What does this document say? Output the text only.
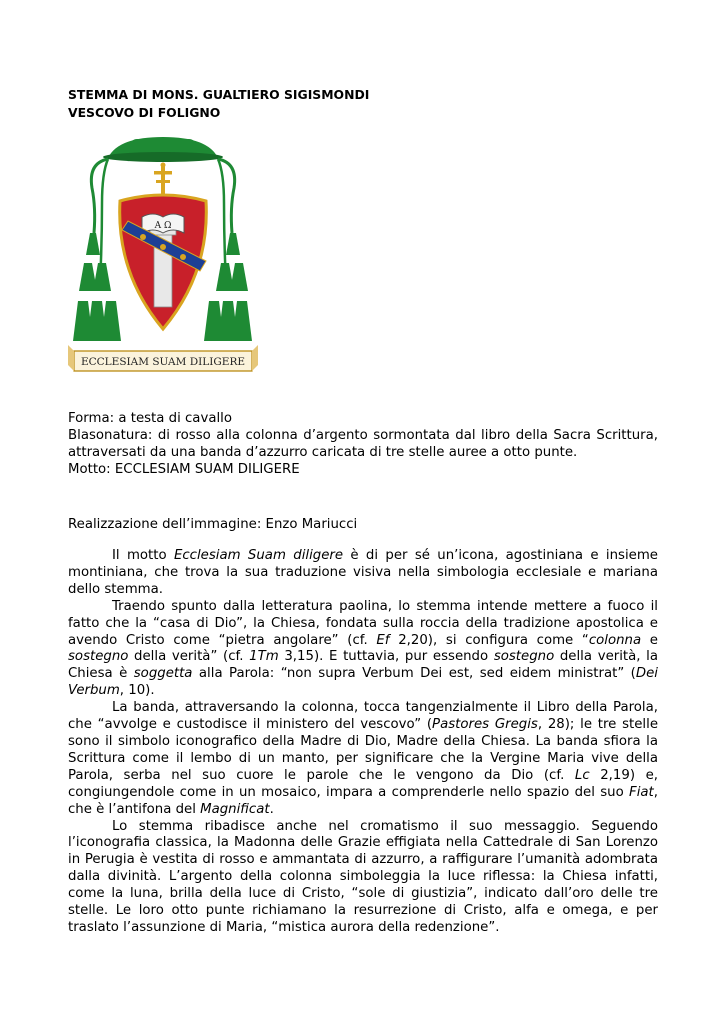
STEMMA DI MONS. GUALTIERO SIGISMONDI
VESCOVO DI FOLIGNO
A Ω
ECCLESIAM SUAM DILIGERE

Forma: a testa di cavallo

Blasonatura: di rosso alla colonna d’argento sormontata dal libro della Sacra Scrittura, attraversati da una banda d’azzurro caricata di tre stelle auree a otto punte.

Motto: ECCLESIAM SUAM DILIGERE

Realizzazione dell’immagine: Enzo Mariucci

Il motto Ecclesiam Suam diligere è di per sé un’icona, agostiniana e insieme montiniana, che trova la sua traduzione visiva nella simbologia ecclesiale e mariana dello stemma.

Traendo spunto dalla letteratura paolina, lo stemma intende mettere a fuoco il fatto che la “casa di Dio”, la Chiesa, fondata sulla roccia della tradizione apostolica e avendo Cristo come “pietra angolare” (cf. Ef 2,20), si configura come “colonna e sostegno della verità” (cf. 1Tm 3,15). E tuttavia, pur essendo sostegno della verità, la Chiesa è soggetta alla Parola: “non supra Verbum Dei est, sed eidem ministrat” (Dei Verbum, 10).

La banda, attraversando la colonna, tocca tangenzialmente il Libro della Parola, che “avvolge e custodisce il ministero del vescovo” (Pastores Gregis, 28); le tre stelle sono il simbolo iconografico della Madre di Dio, Madre della Chiesa. La banda sfiora la Scrittura come il lembo di un manto, per significare che la Vergine Maria vive della Parola, serba nel suo cuore le parole che le vengono da Dio (cf. Lc 2,19) e, congiungendole come in un mosaico, impara a comprenderle nello spazio del suo Fiat, che è l’antifona del Magnificat.

Lo stemma ribadisce anche nel cromatismo il suo messaggio. Seguendo l’iconografia classica, la Madonna delle Grazie effigiata nella Cattedrale di San Lorenzo in Perugia è vestita di rosso e ammantata di azzurro, a raffigurare l’umanità adombrata dalla divinità. L’argento della colonna simboleggia la luce riflessa: la Chiesa infatti, come la luna, brilla della luce di Cristo, “sole di giustizia”, indicato dall’oro delle tre stelle. Le loro otto punte richiamano la resurrezione di Cristo, alfa e omega, e per traslato l’assunzione di Maria, “mistica aurora della redenzione”.
